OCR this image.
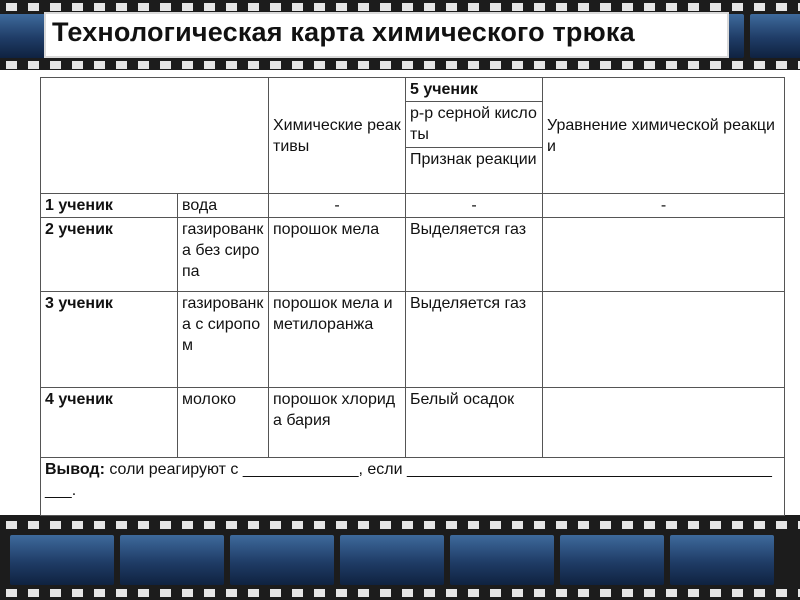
Технологическая карта химического трюка
		Химические реактивы	5 ученик	Уравнение химической реакции
			р-р серной кислоты	
			Признак реакции	
1 ученик	вода	-	-	-
2 ученик	газированка без сиропа	порошок мела	Выделяется газ	
3 ученик	газированка с сиропом	порошок мела и метилоранжа	Выделяется газ	
4 ученик	молоко	порошок хлорида бария	Белый осадок	
Вывод: соли реагируют с _____________, если ____________________________________________.				
